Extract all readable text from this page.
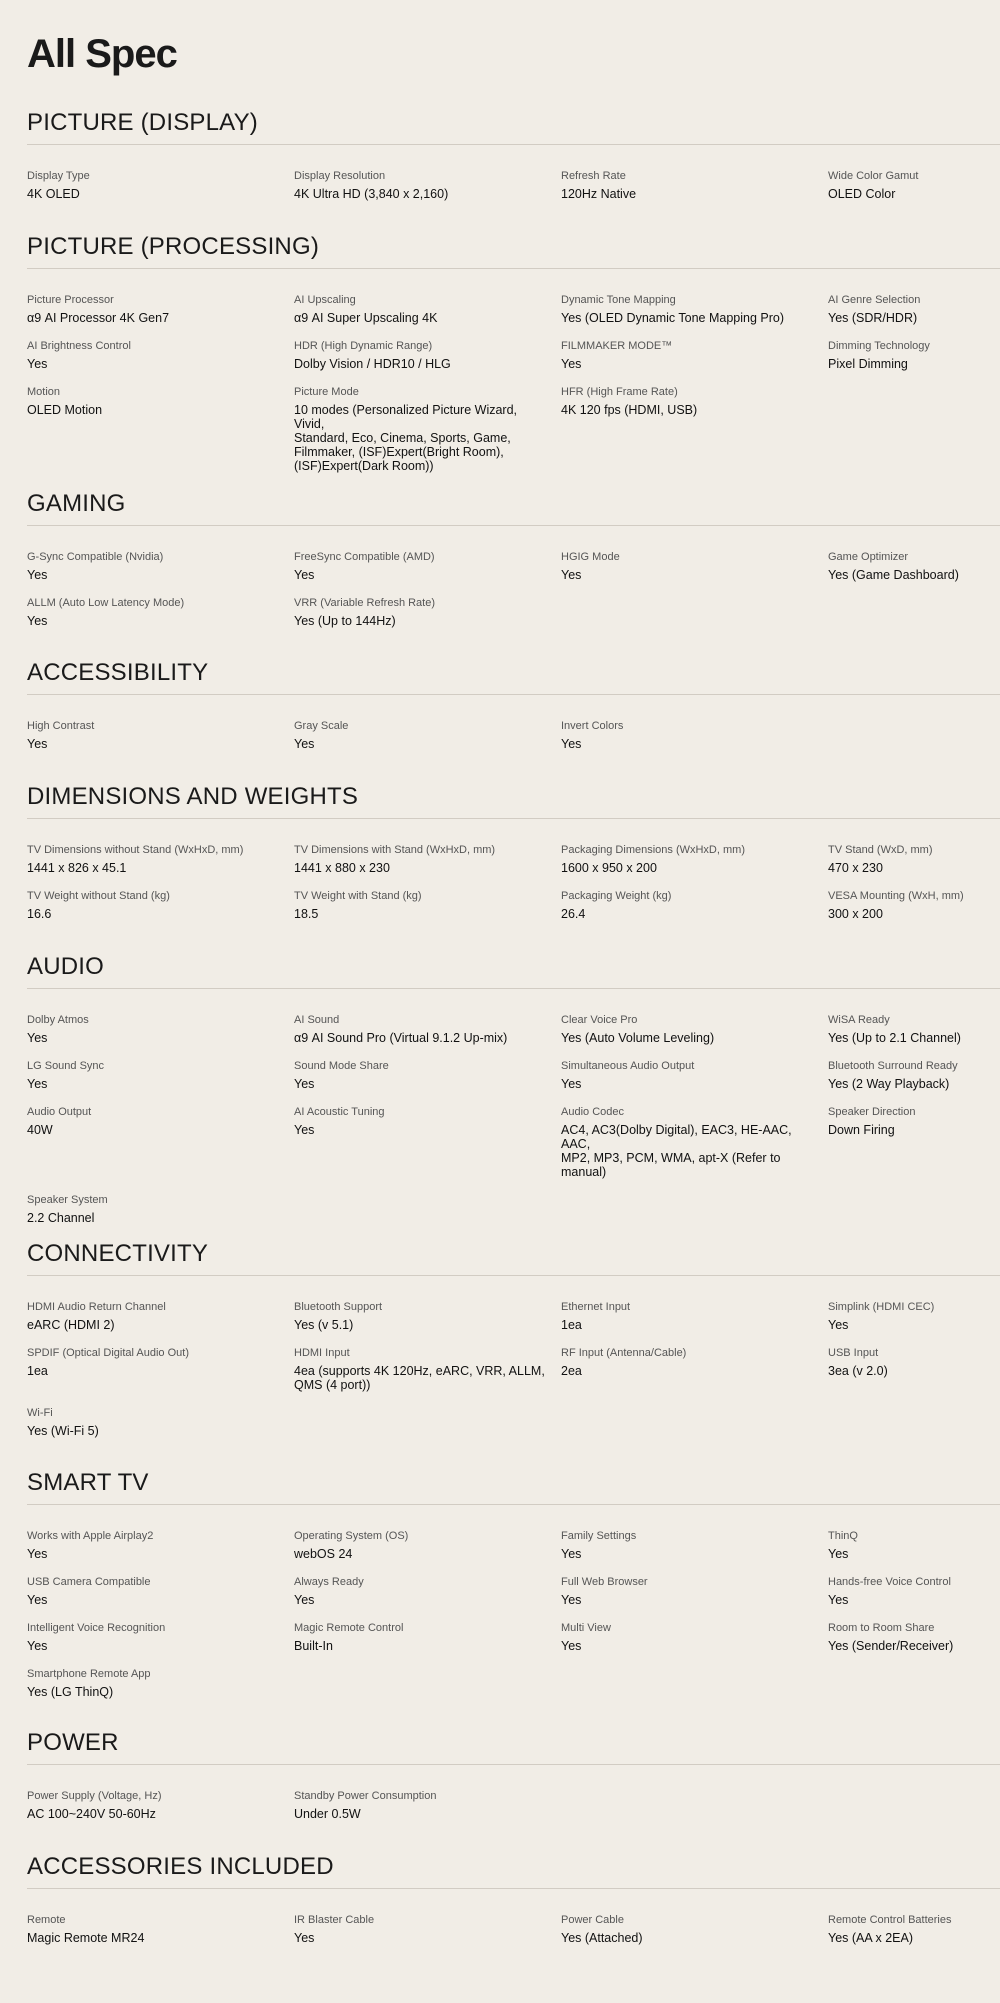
All Spec
PICTURE (DISPLAY)
Display Type
4K OLED
Display Resolution
4K Ultra HD (3,840 x 2,160)
Refresh Rate
120Hz Native
Wide Color Gamut
OLED Color
PICTURE (PROCESSING)
Picture Processor
α9 AI Processor 4K Gen7
AI Upscaling
α9 AI Super Upscaling 4K
Dynamic Tone Mapping
Yes (OLED Dynamic Tone Mapping Pro)
AI Genre Selection
Yes (SDR/HDR)
AI Brightness Control
Yes
HDR (High Dynamic Range)
Dolby Vision / HDR10 / HLG
FILMMAKER MODE™
Yes
Dimming Technology
Pixel Dimming
Motion
OLED Motion
Picture Mode
10 modes (Personalized Picture Wizard, Vivid,
Standard, Eco, Cinema, Sports, Game,
Filmmaker, (ISF)Expert(Bright Room),
(ISF)Expert(Dark Room))
HFR (High Frame Rate)
4K 120 fps (HDMI, USB)
GAMING
G-Sync Compatible (Nvidia)
Yes
FreeSync Compatible (AMD)
Yes
HGIG Mode
Yes
Game Optimizer
Yes (Game Dashboard)
ALLM (Auto Low Latency Mode)
Yes
VRR (Variable Refresh Rate)
Yes (Up to 144Hz)
ACCESSIBILITY
High Contrast
Yes
Gray Scale
Yes
Invert Colors
Yes
DIMENSIONS AND WEIGHTS
TV Dimensions without Stand (WxHxD, mm)
1441 x 826 x 45.1
TV Dimensions with Stand (WxHxD, mm)
1441 x 880 x 230
Packaging Dimensions (WxHxD, mm)
1600 x 950 x 200
TV Stand (WxD, mm)
470 x 230
TV Weight without Stand (kg)
16.6
TV Weight with Stand (kg)
18.5
Packaging Weight (kg)
26.4
VESA Mounting (WxH, mm)
300 x 200
AUDIO
Dolby Atmos
Yes
AI Sound
α9 AI Sound Pro (Virtual 9.1.2 Up-mix)
Clear Voice Pro
Yes (Auto Volume Leveling)
WiSA Ready
Yes (Up to 2.1 Channel)
LG Sound Sync
Yes
Sound Mode Share
Yes
Simultaneous Audio Output
Yes
Bluetooth Surround Ready
Yes (2 Way Playback)
Audio Output
40W
AI Acoustic Tuning
Yes
Audio Codec
AC4, AC3(Dolby Digital), EAC3, HE-AAC, AAC,
MP2, MP3, PCM, WMA, apt-X (Refer to
manual)
Speaker Direction
Down Firing
Speaker System
2.2 Channel
CONNECTIVITY
HDMI Audio Return Channel
eARC (HDMI 2)
Bluetooth Support
Yes (v 5.1)
Ethernet Input
1ea
Simplink (HDMI CEC)
Yes
SPDIF (Optical Digital Audio Out)
1ea
HDMI Input
4ea (supports 4K 120Hz, eARC, VRR, ALLM,
QMS (4 port))
RF Input (Antenna/Cable)
2ea
USB Input
3ea (v 2.0)
Wi-Fi
Yes (Wi-Fi 5)
SMART TV
Works with Apple Airplay2
Yes
Operating System (OS)
webOS 24
Family Settings
Yes
ThinQ
Yes
USB Camera Compatible
Yes
Always Ready
Yes
Full Web Browser
Yes
Hands-free Voice Control
Yes
Intelligent Voice Recognition
Yes
Magic Remote Control
Built-In
Multi View
Yes
Room to Room Share
Yes (Sender/Receiver)
Smartphone Remote App
Yes (LG ThinQ)
POWER
Power Supply (Voltage, Hz)
AC 100~240V 50-60Hz
Standby Power Consumption
Under 0.5W
ACCESSORIES INCLUDED
Remote
Magic Remote MR24
IR Blaster Cable
Yes
Power Cable
Yes (Attached)
Remote Control Batteries
Yes (AA x 2EA)
